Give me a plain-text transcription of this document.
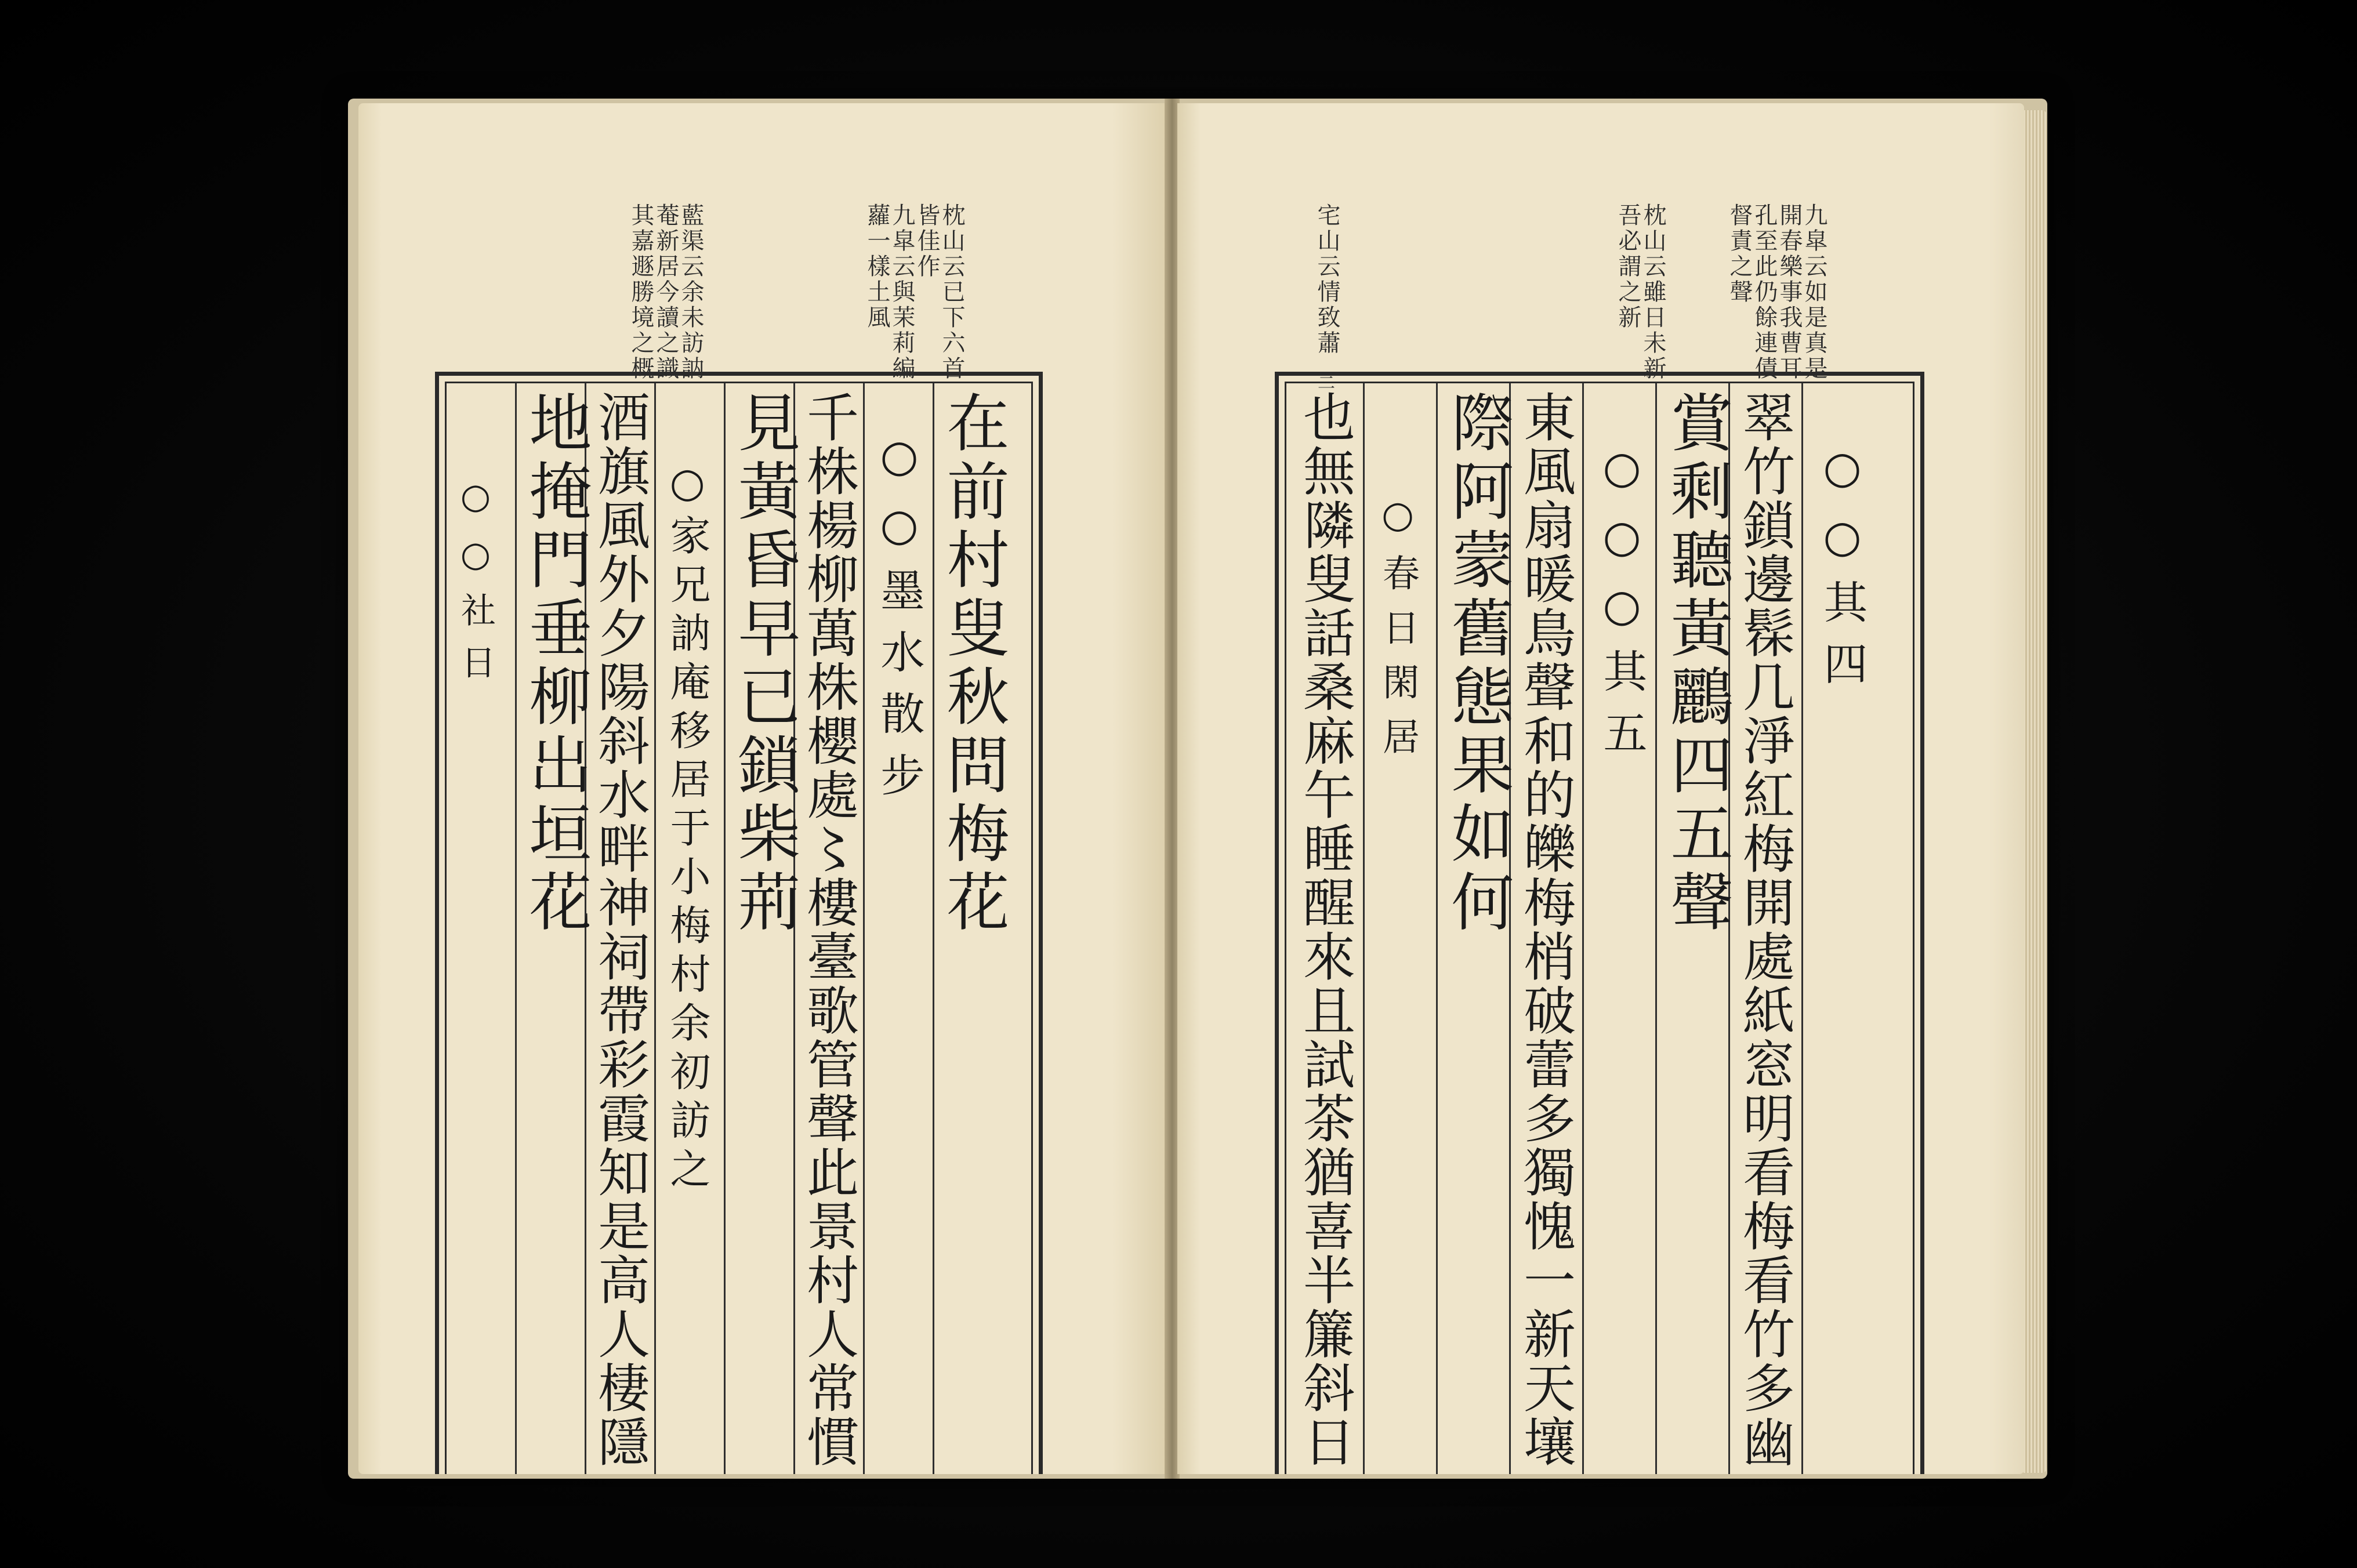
枕山云已下六首
皆佳作
九皐云與茉莉編
蘿一樣土風
藍渠云余未訪訥
菴新居今讀之識
其嘉遯勝境之概
在前村叟秋問梅花
○○墨水散步
千株楊柳萬株櫻處〻樓臺歌管聲此景村人常慣
見黃昏早已鎖柴荊
○家兄訥庵移居于小梅村余初訪之
酒旗風外夕陽斜水畔神祠帶彩霞知是高人棲隱
地掩門垂柳出垣花
○○社日
九皐云如是真是
開春樂事我曹耳
孔至此仍餘連債
督責之聲
枕山云雖日未新
吾必謂之新
宅山云情致蕭
二
○○其四
翠竹鎖邊髹几淨紅梅開處紙窓明看梅看竹多幽
賞剩聽黃鸝四五聲
○○○其五
東風扇暖鳥聲和的皪梅梢破蕾多獨愧一新天壤
際阿蒙舊態果如何
○春日閑居
也無隣叟話桑麻午睡醒來且試茶猶喜半簾斜日
